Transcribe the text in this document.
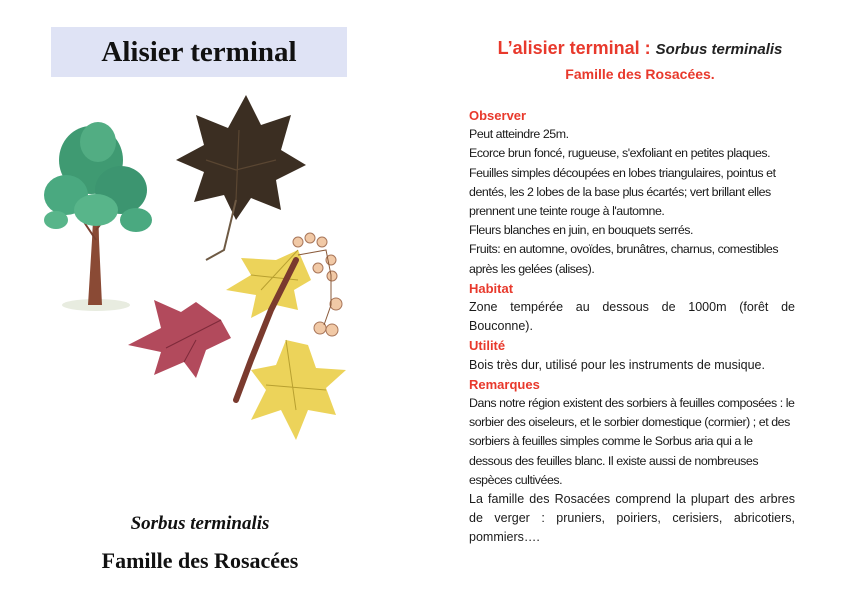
Alisier terminal
Sorbus terminalis
Famille des Rosacées
L’alisier terminal : Sorbus terminalis
Famille des Rosacées.
Observer

Peut atteindre 25m.

Ecorce brun foncé, rugueuse, s'exfoliant en petites plaques.

Feuilles simples découpées en lobes triangulaires, pointus et dentés, les 2 lobes de la base plus écartés; vert brillant elles prennent une teinte rouge à l'automne.

Fleurs blanches en juin, en bouquets serrés.

Fruits: en automne, ovoïdes, brunâtres, charnus, comestibles après les gelées (alises).

Habitat

Zone tempérée au dessous de 1000m (forêt de Bouconne).

Utilité

Bois très dur, utilisé pour les instruments de musique.

Remarques

Dans notre région existent des sorbiers à feuilles composées : le sorbier des oiseleurs, et le sorbier domestique (cormier) ; et des sorbiers à feuilles simples comme le Sorbus aria qui a le dessous des feuilles blanc. Il existe aussi de nombreuses espèces cultivées.

La famille des Rosacées comprend la plupart des arbres de verger : pruniers, poiriers, cerisiers, abricotiers, pommiers….
